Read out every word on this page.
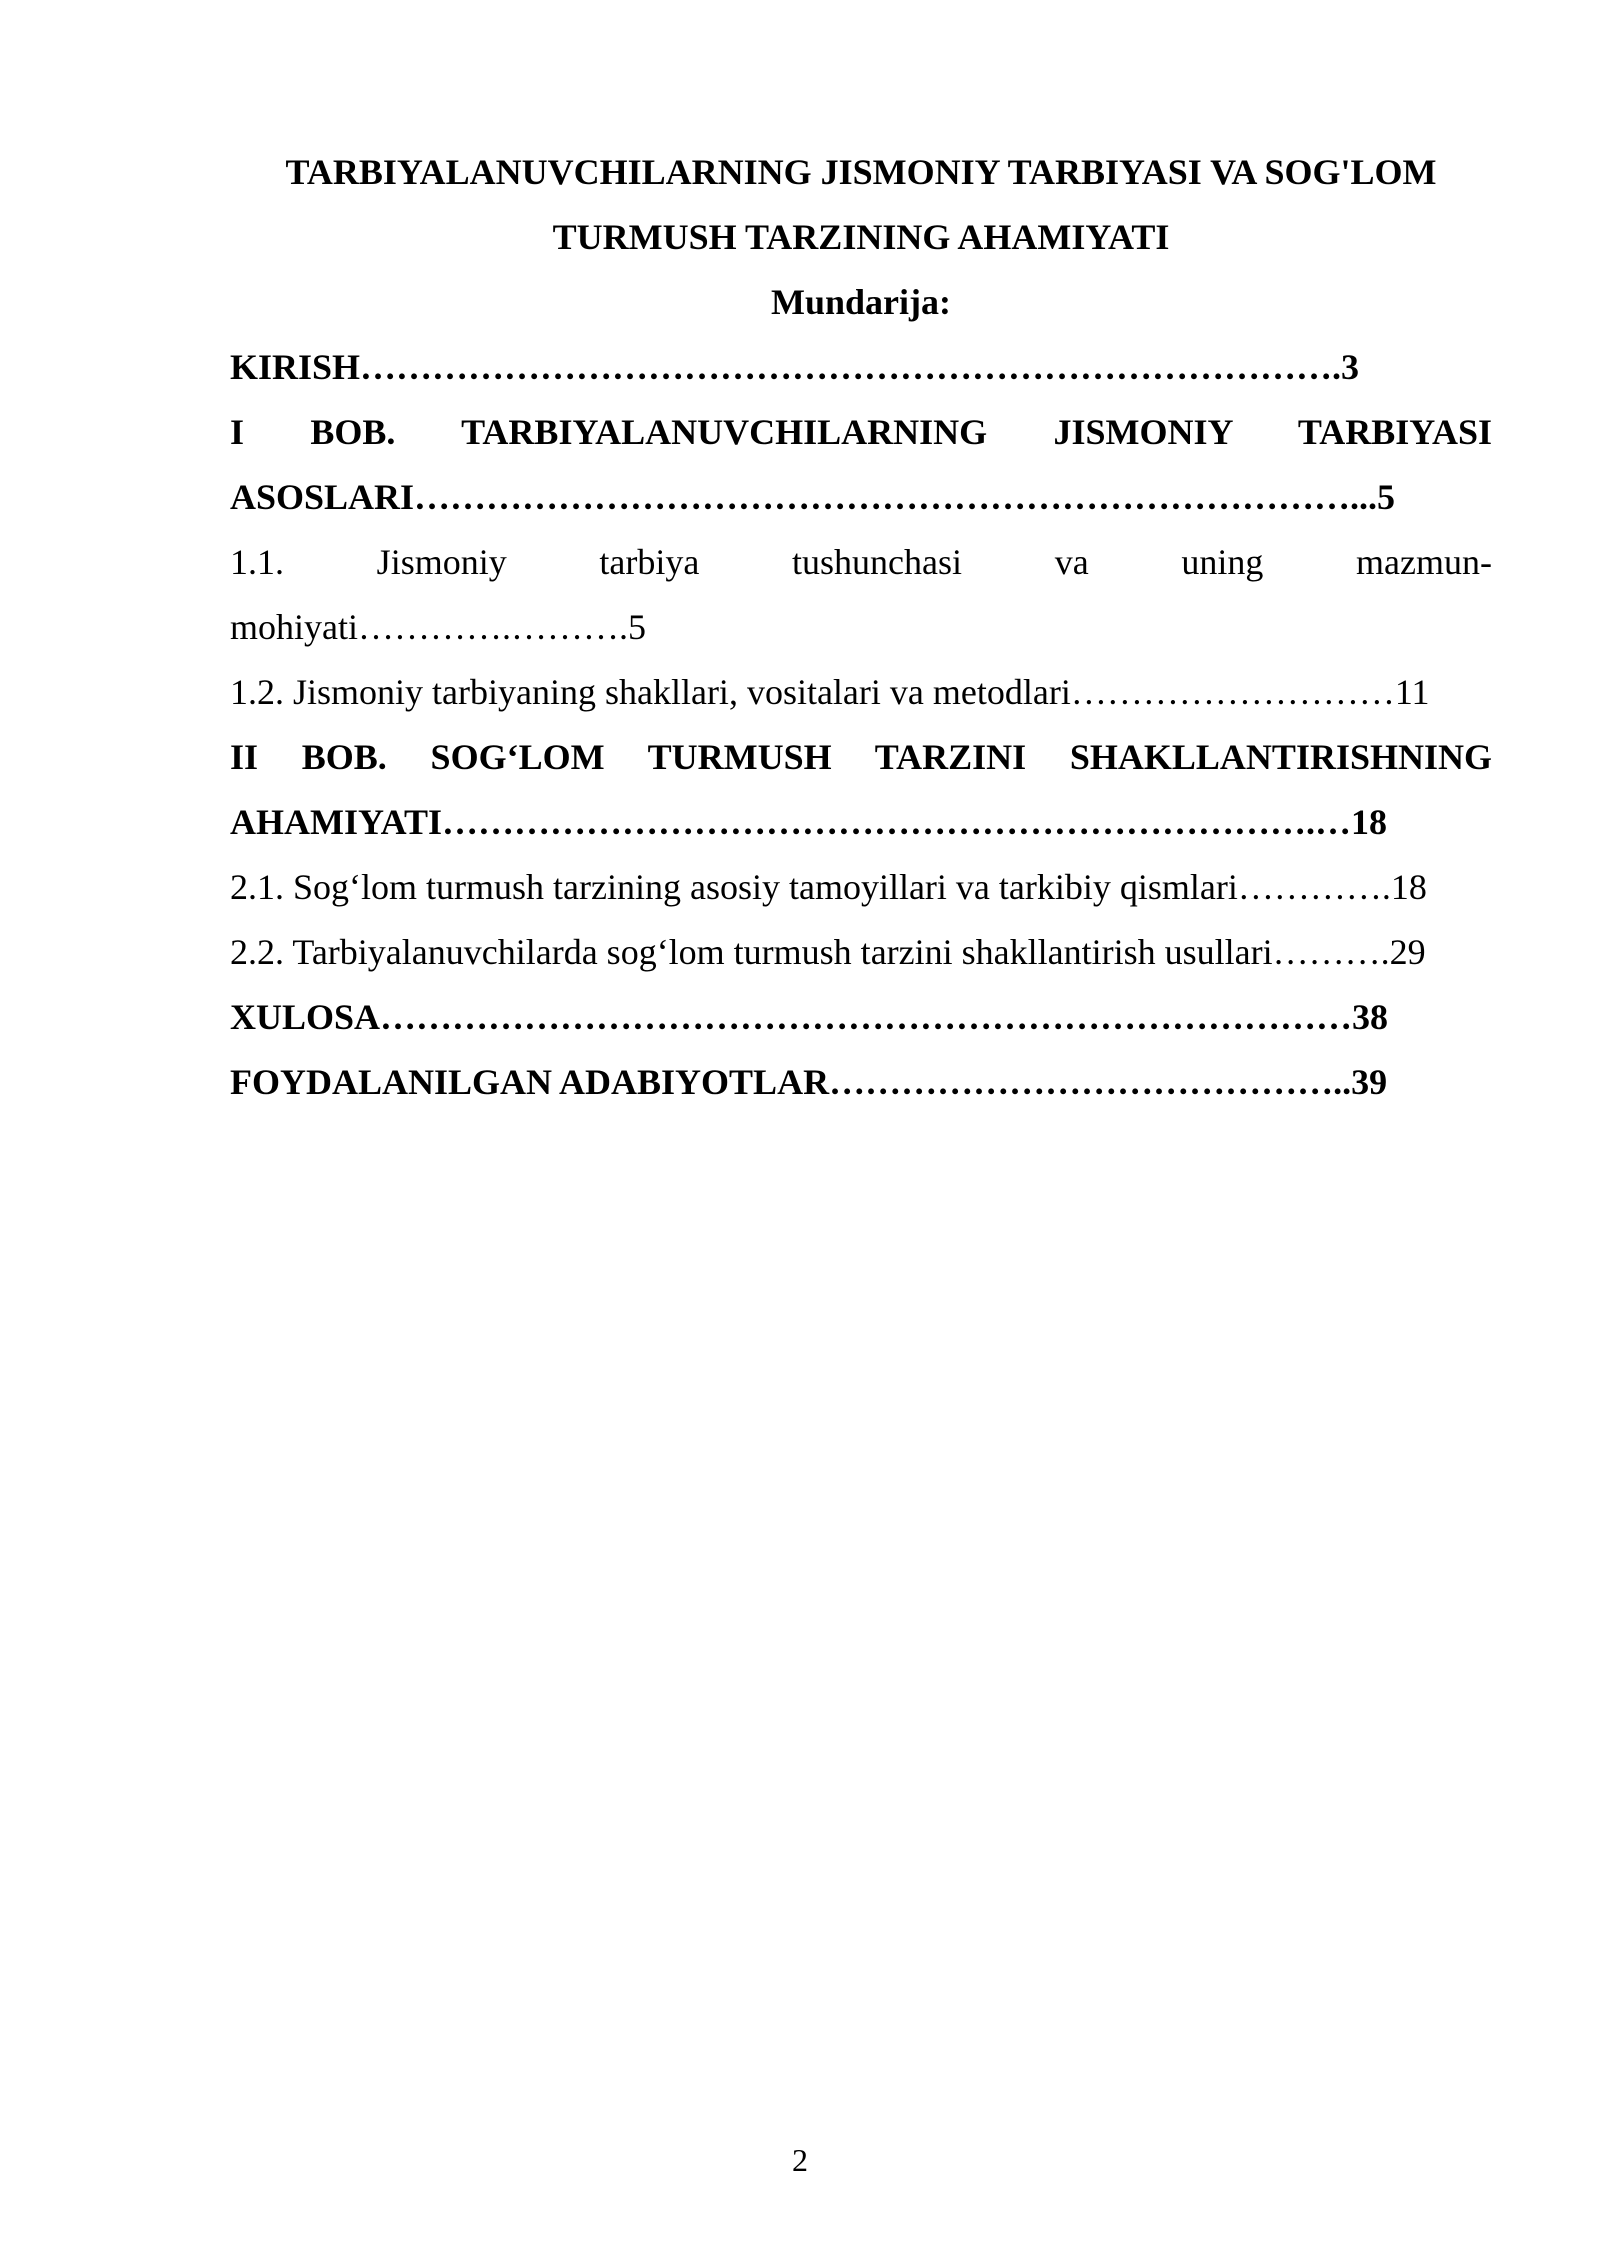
TARBIYALANUVCHILARNING JISMONIY TARBIYASI VA SOG'LOM
TURMUSH TARZINING AHAMIYATI
Mundarija:
KIRISH……………………………………………………………………….3
I BOB. TARBIYALANUVCHILARNING JISMONIY TARBIYASI
ASOSLARI……………………………………………………………………...5
1.1. Jismoniy tarbiya tushunchasi va uning mazmun-
mohiyati………….……….5
1.2. Jismoniy tarbiyaning shakllari, vositalari va metodlari………………………11
II BOB. SOG‘LOM TURMUSH TARZINI SHAKLLANTIRISHNING
AHAMIYATI……………………………………………………………….…18
2.1. Sog‘lom turmush tarzining asosiy tamoyillari va tarkibiy qismlari………….18
2.2. Tarbiyalanuvchilarda sog‘lom turmush tarzini shakllantirish usullari……….29
XULOSA………………………………………………………………………38
FOYDALANILGAN ADABIYOTLAR……………………………………..39
2
